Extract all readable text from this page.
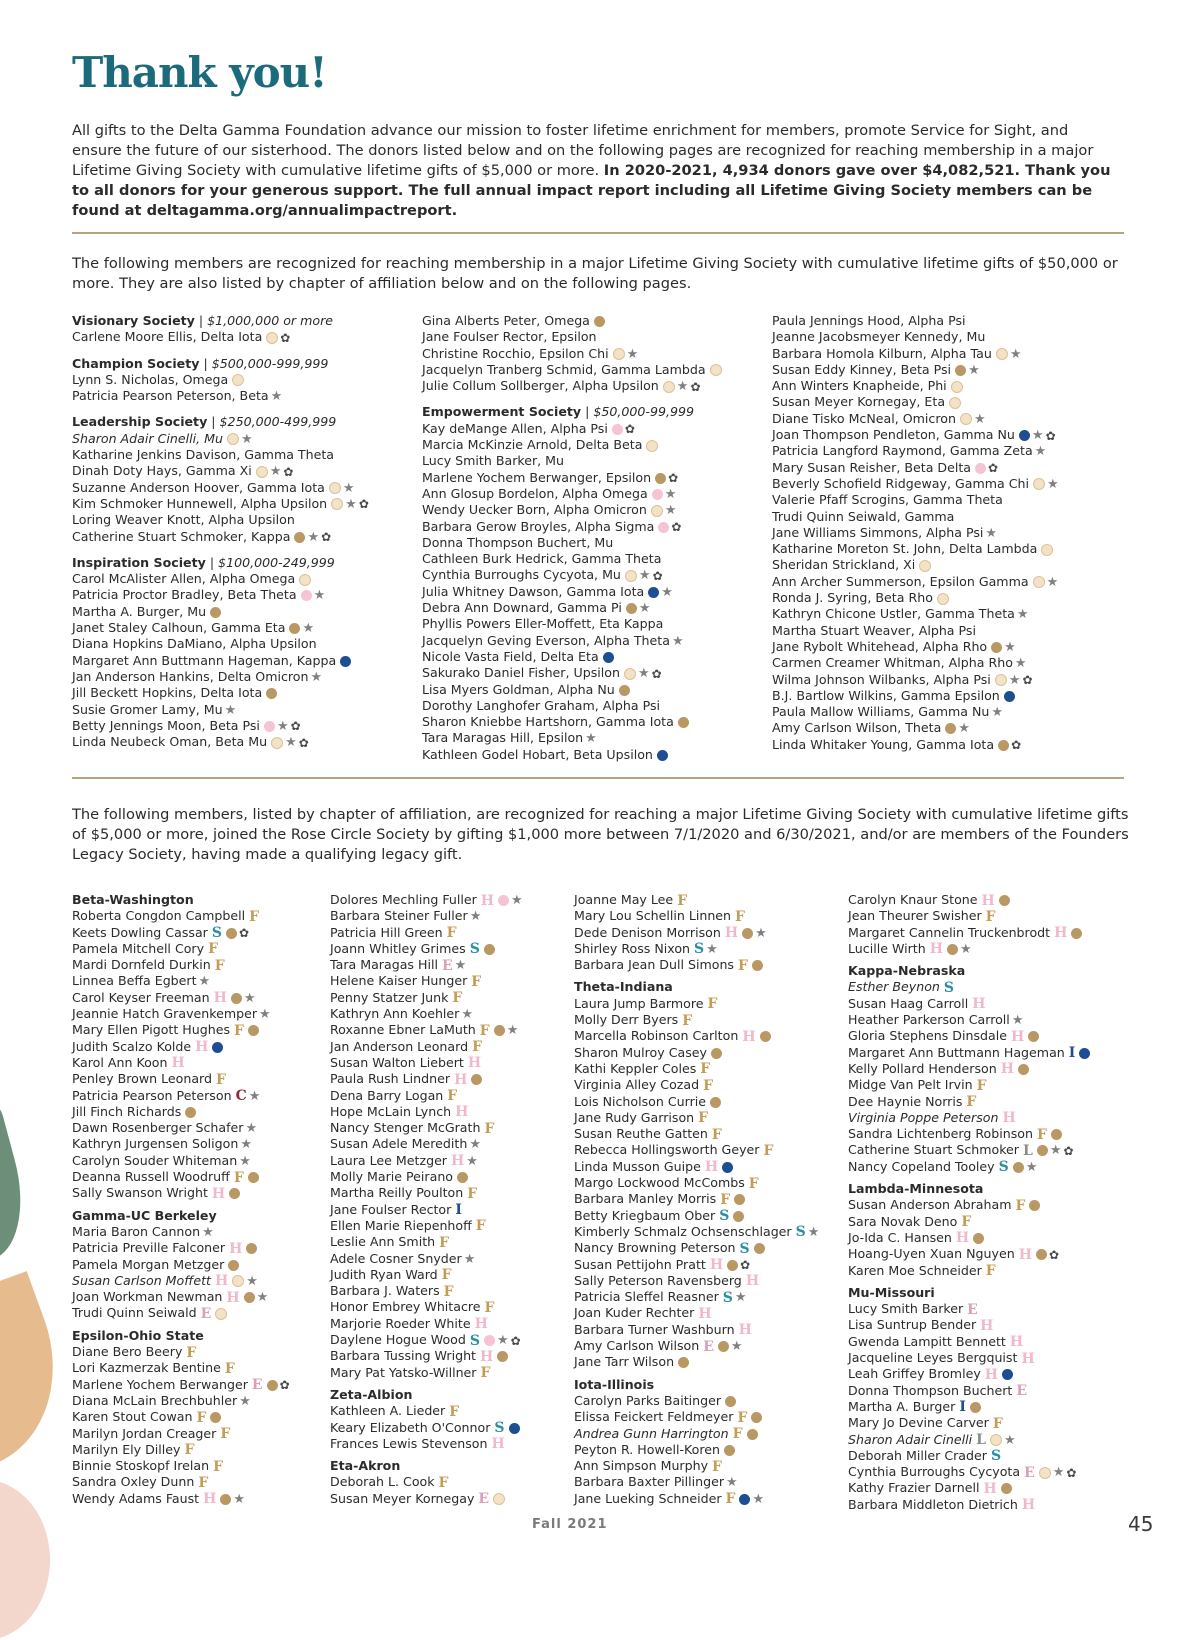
Thank you!

All gifts to the Delta Gamma Foundation advance our mission to foster lifetime enrichment for members, promote Service for Sight, and ensure the future of our sisterhood. The donors listed below and on the following pages are recognized for reaching membership in a major Lifetime Giving Society with cumulative lifetime gifts of $5,000 or more. In 2020-2021, 4,934 donors gave over $4,082,521. Thank you to all donors for your generous support. The full annual impact report including all Lifetime Giving Society members can be found at deltagamma.org/annualimpactreport.

The following members are recognized for reaching membership in a major Lifetime Giving Society with cumulative lifetime gifts of $50,000 or more. They are also listed by chapter of affiliation below and on the following pages.

Visionary Society | $1,000,000 or more
Carlene Moore Ellis, Delta Iota ✿
Champion Society | $500,000-999,999
Lynn S. Nicholas, Omega
Patricia Pearson Peterson, Beta ★
Leadership Society | $250,000-499,999
Sharon Adair Cinelli, Mu ★
Katharine Jenkins Davison, Gamma Theta
Dinah Doty Hays, Gamma Xi ★ ✿
Suzanne Anderson Hoover, Gamma Iota ★
Kim Schmoker Hunnewell, Alpha Upsilon ★ ✿
Loring Weaver Knott, Alpha Upsilon
Catherine Stuart Schmoker, Kappa ★ ✿
Inspiration Society | $100,000-249,999
Carol McAlister Allen, Alpha Omega
Patricia Proctor Bradley, Beta Theta ★
Martha A. Burger, Mu
Janet Staley Calhoun, Gamma Eta ★
Diana Hopkins DaMiano, Alpha Upsilon
Margaret Ann Buttmann Hageman, Kappa
Jan Anderson Hankins, Delta Omicron ★
Jill Beckett Hopkins, Delta Iota
Susie Gromer Lamy, Mu ★
Betty Jennings Moon, Beta Psi ★ ✿
Linda Neubeck Oman, Beta Mu ★ ✿
Gina Alberts Peter, Omega
Jane Foulser Rector, Epsilon
Christine Rocchio, Epsilon Chi ★
Jacquelyn Tranberg Schmid, Gamma Lambda
Julie Collum Sollberger, Alpha Upsilon ★ ✿
Empowerment Society | $50,000-99,999
Kay deMange Allen, Alpha Psi ✿
Marcia McKinzie Arnold, Delta Beta
Lucy Smith Barker, Mu
Marlene Yochem Berwanger, Epsilon ✿
Ann Glosup Bordelon, Alpha Omega ★
Wendy Uecker Born, Alpha Omicron ★
Barbara Gerow Broyles, Alpha Sigma ✿
Donna Thompson Buchert, Mu
Cathleen Burk Hedrick, Gamma Theta
Cynthia Burroughs Cycyota, Mu ★ ✿
Julia Whitney Dawson, Gamma Iota ★
Debra Ann Downard, Gamma Pi ★
Phyllis Powers Eller-Moffett, Eta Kappa
Jacquelyn Geving Everson, Alpha Theta ★
Nicole Vasta Field, Delta Eta
Sakurako Daniel Fisher, Upsilon ★ ✿
Lisa Myers Goldman, Alpha Nu
Dorothy Langhofer Graham, Alpha Psi
Sharon Kniebbe Hartshorn, Gamma Iota
Tara Maragas Hill, Epsilon ★
Kathleen Godel Hobart, Beta Upsilon
Paula Jennings Hood, Alpha Psi
Jeanne Jacobsmeyer Kennedy, Mu
Barbara Homola Kilburn, Alpha Tau ★
Susan Eddy Kinney, Beta Psi ★
Ann Winters Knapheide, Phi
Susan Meyer Kornegay, Eta
Diane Tisko McNeal, Omicron ★
Joan Thompson Pendleton, Gamma Nu ★ ✿
Patricia Langford Raymond, Gamma Zeta ★
Mary Susan Reisher, Beta Delta ✿
Beverly Schofield Ridgeway, Gamma Chi ★
Valerie Pfaff Scrogins, Gamma Theta
Trudi Quinn Seiwald, Gamma
Jane Williams Simmons, Alpha Psi ★
Katharine Moreton St. John, Delta Lambda
Sheridan Strickland, Xi
Ann Archer Summerson, Epsilon Gamma ★
Ronda J. Syring, Beta Rho
Kathryn Chicone Ustler, Gamma Theta ★
Martha Stuart Weaver, Alpha Psi
Jane Rybolt Whitehead, Alpha Rho ★
Carmen Creamer Whitman, Alpha Rho ★
Wilma Johnson Wilbanks, Alpha Psi ★ ✿
B.J. Bartlow Wilkins, Gamma Epsilon
Paula Mallow Williams, Gamma Nu ★
Amy Carlson Wilson, Theta ★
Linda Whitaker Young, Gamma Iota ✿

The following members, listed by chapter of affiliation, are recognized for reaching a major Lifetime Giving Society with cumulative lifetime gifts of $5,000 or more, joined the Rose Circle Society by gifting $1,000 more between 7/1/2020 and 6/30/2021, and/or are members of the Founders Legacy Society, having made a qualifying legacy gift.

Beta-Washington
Roberta Congdon Campbell F
Keets Dowling Cassar S ✿
Pamela Mitchell Cory F
Mardi Dornfeld Durkin F
Linnea Beffa Egbert ★
Carol Keyser Freeman H ★
Jeannie Hatch Gravenkemper ★
Mary Ellen Pigott Hughes F
Judith Scalzo Kolde H
Karol Ann Koon H
Penley Brown Leonard F
Patricia Pearson Peterson C ★
Jill Finch Richards
Dawn Rosenberger Schafer ★
Kathryn Jurgensen Soligon ★
Carolyn Souder Whiteman ★
Deanna Russell Woodruff F
Sally Swanson Wright H
Gamma-UC Berkeley
Maria Baron Cannon ★
Patricia Preville Falconer H
Pamela Morgan Metzger
Susan Carlson Moffett H ★
Joan Workman Newman H ★
Trudi Quinn Seiwald E
Epsilon-Ohio State
Diane Bero Beery F
Lori Kazmerzak Bentine F
Marlene Yochem Berwanger E ✿
Diana McLain Brechbuhler ★
Karen Stout Cowan F
Marilyn Jordan Creager F
Marilyn Ely Dilley F
Binnie Stoskopf Irelan F
Sandra Oxley Dunn F
Wendy Adams Faust H ★
Dolores Mechling Fuller H ★
Barbara Steiner Fuller ★
Patricia Hill Green F
Joann Whitley Grimes S
Tara Maragas Hill E ★
Helene Kaiser Hunger F
Penny Statzer Junk F
Kathryn Ann Koehler ★
Roxanne Ebner LaMuth F ★
Jan Anderson Leonard F
Susan Walton Liebert H
Paula Rush Lindner H
Dena Barry Logan F
Hope McLain Lynch H
Nancy Stenger McGrath F
Susan Adele Meredith ★
Laura Lee Metzger H ★
Molly Marie Peirano
Martha Reilly Poulton F
Jane Foulser Rector I
Ellen Marie Riepenhoff F
Leslie Ann Smith F
Adele Cosner Snyder ★
Judith Ryan Ward F
Barbara J. Waters F
Honor Embrey Whitacre F
Marjorie Roeder White H
Daylene Hogue Wood S ★ ✿
Barbara Tussing Wright H
Mary Pat Yatsko-Willner F
Zeta-Albion
Kathleen A. Lieder F
Keary Elizabeth O'Connor S
Frances Lewis Stevenson H
Eta-Akron
Deborah L. Cook F
Susan Meyer Kornegay E
Joanne May Lee F
Mary Lou Schellin Linnen F
Dede Denison Morrison H ★
Shirley Ross Nixon S ★
Barbara Jean Dull Simons F
Theta-Indiana
Laura Jump Barmore F
Molly Derr Byers F
Marcella Robinson Carlton H
Sharon Mulroy Casey
Kathi Keppler Coles F
Virginia Alley Cozad F
Lois Nicholson Currie
Jane Rudy Garrison F
Susan Reuthe Gatten F
Rebecca Hollingsworth Geyer F
Linda Musson Guipe H
Margo Lockwood McCombs F
Barbara Manley Morris F
Betty Kriegbaum Ober S
Kimberly Schmalz Ochsenschlager S ★
Nancy Browning Peterson S
Susan Pettijohn Pratt H ✿
Sally Peterson Ravensberg H
Patricia Sleffel Reasner S ★
Joan Kuder Rechter H
Barbara Turner Washburn H
Amy Carlson Wilson E ★
Jane Tarr Wilson
Iota-Illinois
Carolyn Parks Baitinger
Elissa Feickert Feldmeyer F
Andrea Gunn Harrington F
Peyton R. Howell-Koren
Ann Simpson Murphy F
Barbara Baxter Pillinger ★
Jane Lueking Schneider F ★
Carolyn Knaur Stone H
Jean Theurer Swisher F
Margaret Cannelin Truckenbrodt H
Lucille Wirth H ★
Kappa-Nebraska
Esther Beynon S
Susan Haag Carroll H
Heather Parkerson Carroll ★
Gloria Stephens Dinsdale H
Margaret Ann Buttmann Hageman I
Kelly Pollard Henderson H
Midge Van Pelt Irvin F
Dee Haynie Norris F
Virginia Poppe Peterson H
Sandra Lichtenberg Robinson F
Catherine Stuart Schmoker L ★ ✿
Nancy Copeland Tooley S ★
Lambda-Minnesota
Susan Anderson Abraham F
Sara Novak Deno F
Jo-Ida C. Hansen H
Hoang-Uyen Xuan Nguyen H ✿
Karen Moe Schneider F
Mu-Missouri
Lucy Smith Barker E
Lisa Suntrup Bender H
Gwenda Lampitt Bennett H
Jacqueline Leyes Bergquist H
Leah Griffey Bromley H
Donna Thompson Buchert E
Martha A. Burger I
Mary Jo Devine Carver F
Sharon Adair Cinelli L ★
Deborah Miller Crader S
Cynthia Burroughs Cycyota E ★ ✿
Kathy Frazier Darnell H
Barbara Middleton Dietrich H
Fall 2021	45
